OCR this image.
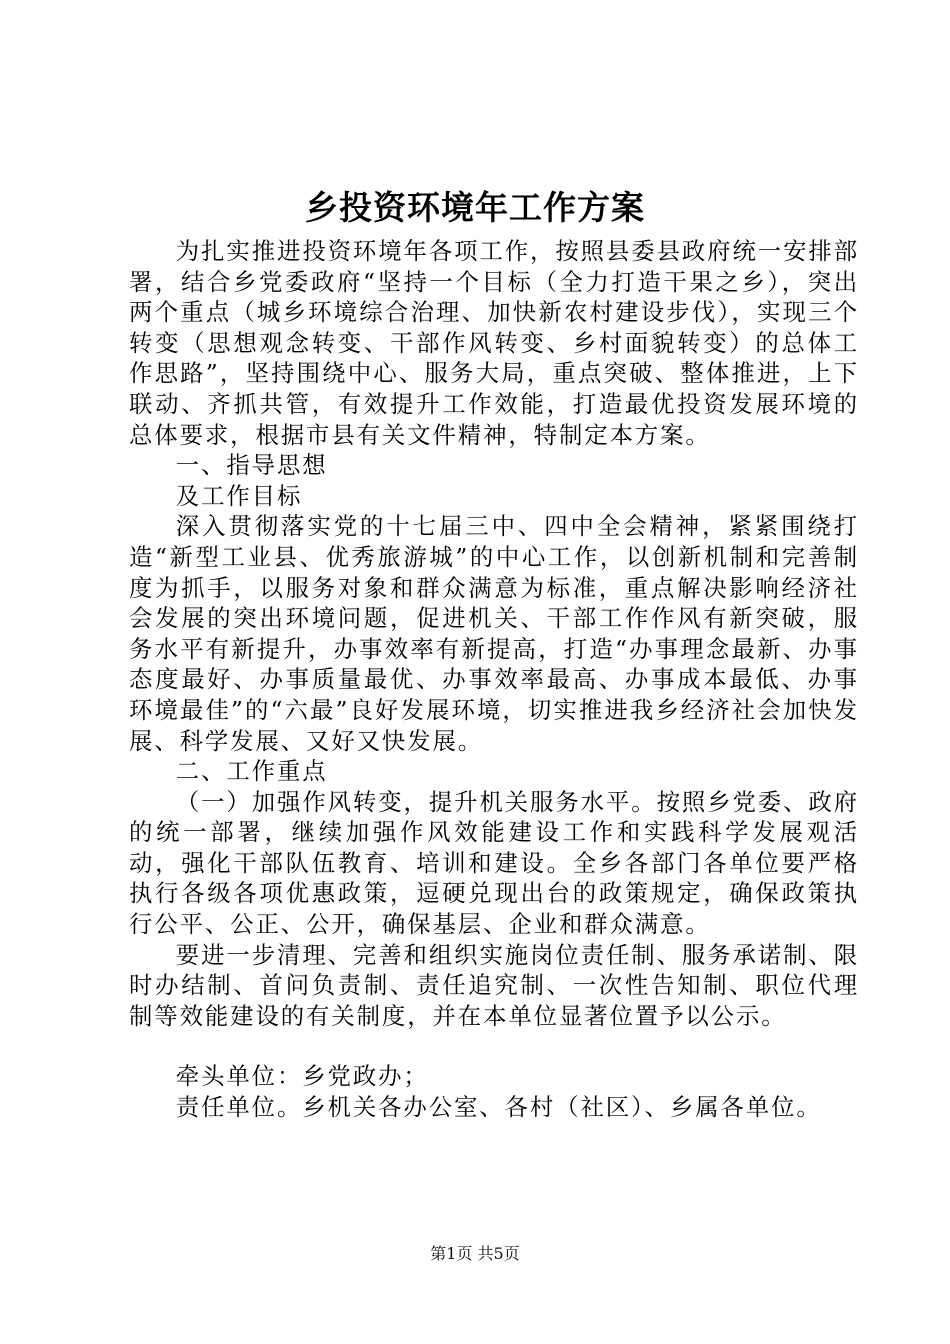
乡投资环境年工作方案

为扎实推进投资环境年各项工作，按照县委县政府统一安排部署，结合乡党委政府“坚持一个目标（全力打造干果之乡），突出两个重点（城乡环境综合治理、加快新农村建设步伐），实现三个转变（思想观念转变、干部作风转变、乡村面貌转变）的总体工作思路”，坚持围绕中心、服务大局，重点突破、整体推进，上下联动、齐抓共管，有效提升工作效能，打造最优投资发展环境的总体要求，根据市县有关文件精神，特制定本方案。

一、指导思想

及工作目标

深入贯彻落实党的十七届三中、四中全会精神，紧紧围绕打造“新型工业县、优秀旅游城”的中心工作，以创新机制和完善制度为抓手，以服务对象和群众满意为标准，重点解决影响经济社会发展的突出环境问题，促进机关、干部工作作风有新突破，服务水平有新提升，办事效率有新提高，打造“办事理念最新、办事态度最好、办事质量最优、办事效率最高、办事成本最低、办事环境最佳”的“六最”良好发展环境，切实推进我乡经济社会加快发展、科学发展、又好又快发展。

二、工作重点

（一）加强作风转变，提升机关服务水平。按照乡党委、政府的统一部署，继续加强作风效能建设工作和实践科学发展观活动，强化干部队伍教育、培训和建设。全乡各部门各单位要严格执行各级各项优惠政策，逗硬兑现出台的政策规定，确保政策执行公平、公正、公开，确保基层、企业和群众满意。

要进一步清理、完善和组织实施岗位责任制、服务承诺制、限时办结制、首问负责制、责任追究制、一次性告知制、职位代理制等效能建设的有关制度，并在本单位显著位置予以公示。

牵头单位：乡党政办；

责任单位。乡机关各办公室、各村（社区）、乡属各单位。

第1页 共5页
